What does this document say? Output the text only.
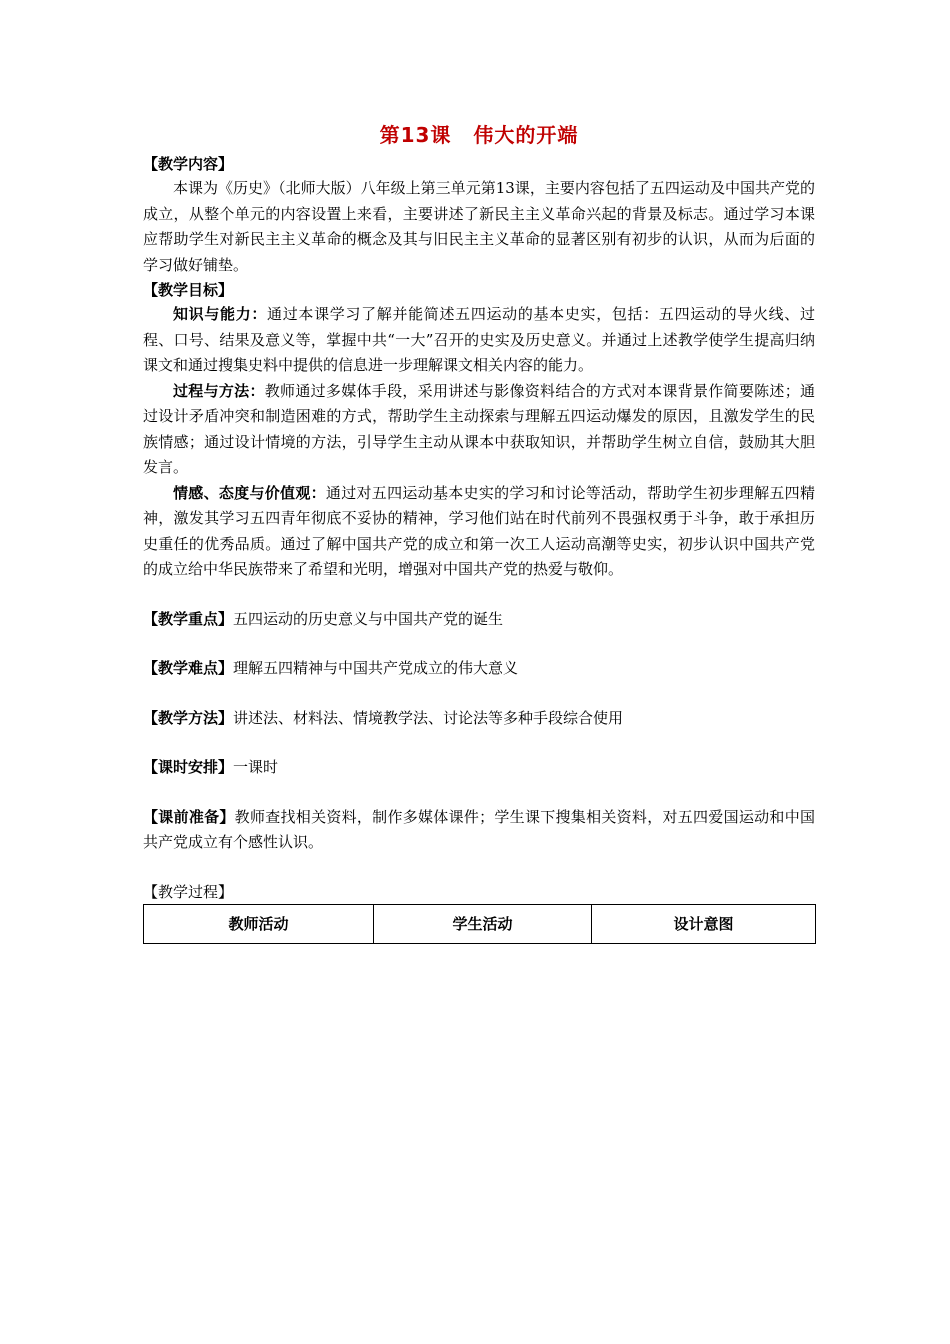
第13课 伟大的开端

【教学内容】

本课为《历史》（北师大版）八年级上第三单元第13课，主要内容包括了五四运动及中国共产党的成立，从整个单元的内容设置上来看，主要讲述了新民主主义革命兴起的背景及标志。通过学习本课应帮助学生对新民主主义革命的概念及其与旧民主主义革命的显著区别有初步的认识，从而为后面的学习做好铺垫。

【教学目标】

知识与能力：通过本课学习了解并能简述五四运动的基本史实，包括：五四运动的导火线、过程、口号、结果及意义等，掌握中共“一大”召开的史实及历史意义。并通过上述教学使学生提高归纳课文和通过搜集史料中提供的信息进一步理解课文相关内容的能力。

过程与方法：教师通过多媒体手段，采用讲述与影像资料结合的方式对本课背景作简要陈述；通过设计矛盾冲突和制造困难的方式，帮助学生主动探索与理解五四运动爆发的原因，且激发学生的民族情感；通过设计情境的方法，引导学生主动从课本中获取知识，并帮助学生树立自信，鼓励其大胆发言。

情感、态度与价值观：通过对五四运动基本史实的学习和讨论等活动，帮助学生初步理解五四精神，激发其学习五四青年彻底不妥协的精神，学习他们站在时代前列不畏强权勇于斗争，敢于承担历史重任的优秀品质。通过了解中国共产党的成立和第一次工人运动高潮等史实，初步认识中国共产党的成立给中华民族带来了希望和光明，增强对中国共产党的热爱与敬仰。

【教学重点】五四运动的历史意义与中国共产党的诞生

【教学难点】理解五四精神与中国共产党成立的伟大意义

【教学方法】讲述法、材料法、情境教学法、讨论法等多种手段综合使用

【课时安排】一课时

【课前准备】教师查找相关资料，制作多媒体课件；学生课下搜集相关资料，对五四爱国运动和中国共产党成立有个感性认识。

【教学过程】

教师活动	学生活动	设计意图
